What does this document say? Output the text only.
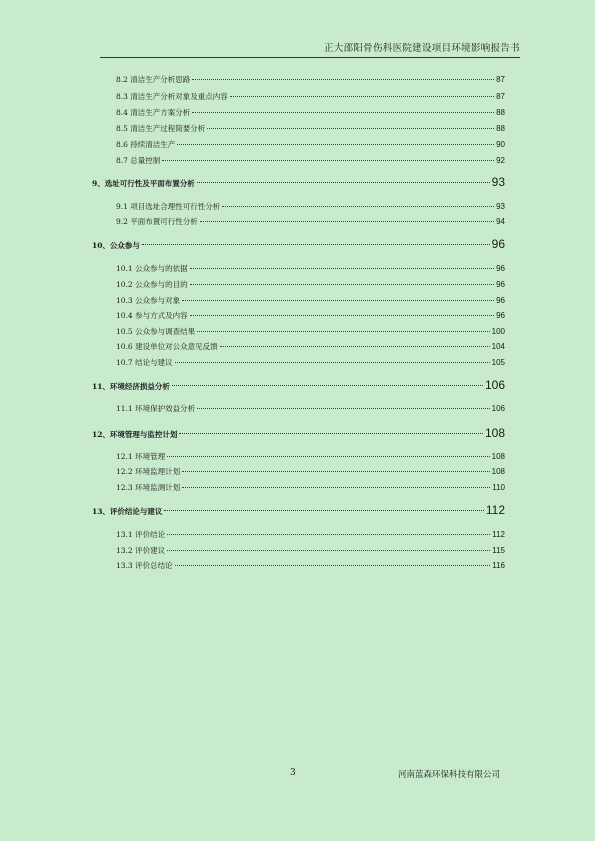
正大邵阳骨伤科医院建设项目环境影响报告书
8.2 清洁生产分析思路	87
8.3 清洁生产分析对象及重点内容	87
8.4 清洁生产方案分析	88
8.5 清洁生产过程简要分析	88
8.6 持续清洁生产	90
8.7 总量控制	92
9、选址可行性及平面布置分析	93
9.1 项目选址合理性可行性分析	93
9.2 平面布置可行性分析	94
10、公众参与	96
10.1 公众参与的依据	96
10.2 公众参与的目的	96
10.3 公众参与对象	96
10.4 参与方式及内容	96
10.5 公众参与调查结果	100
10.6 建设单位对公众意见反馈	104
10.7 结论与建议	105
11、环境经济损益分析	106
11.1 环境保护效益分析	106
12、环境管理与监控计划	108
12.1 环境管理	108
12.2 环境监理计划	108
12.3 环境监测计划	110
13、评价结论与建议	112
13.1 评价结论	112
13.2 评价建议	115
13.3 评价总结论	116
3	河南蓝森环保科技有限公司
